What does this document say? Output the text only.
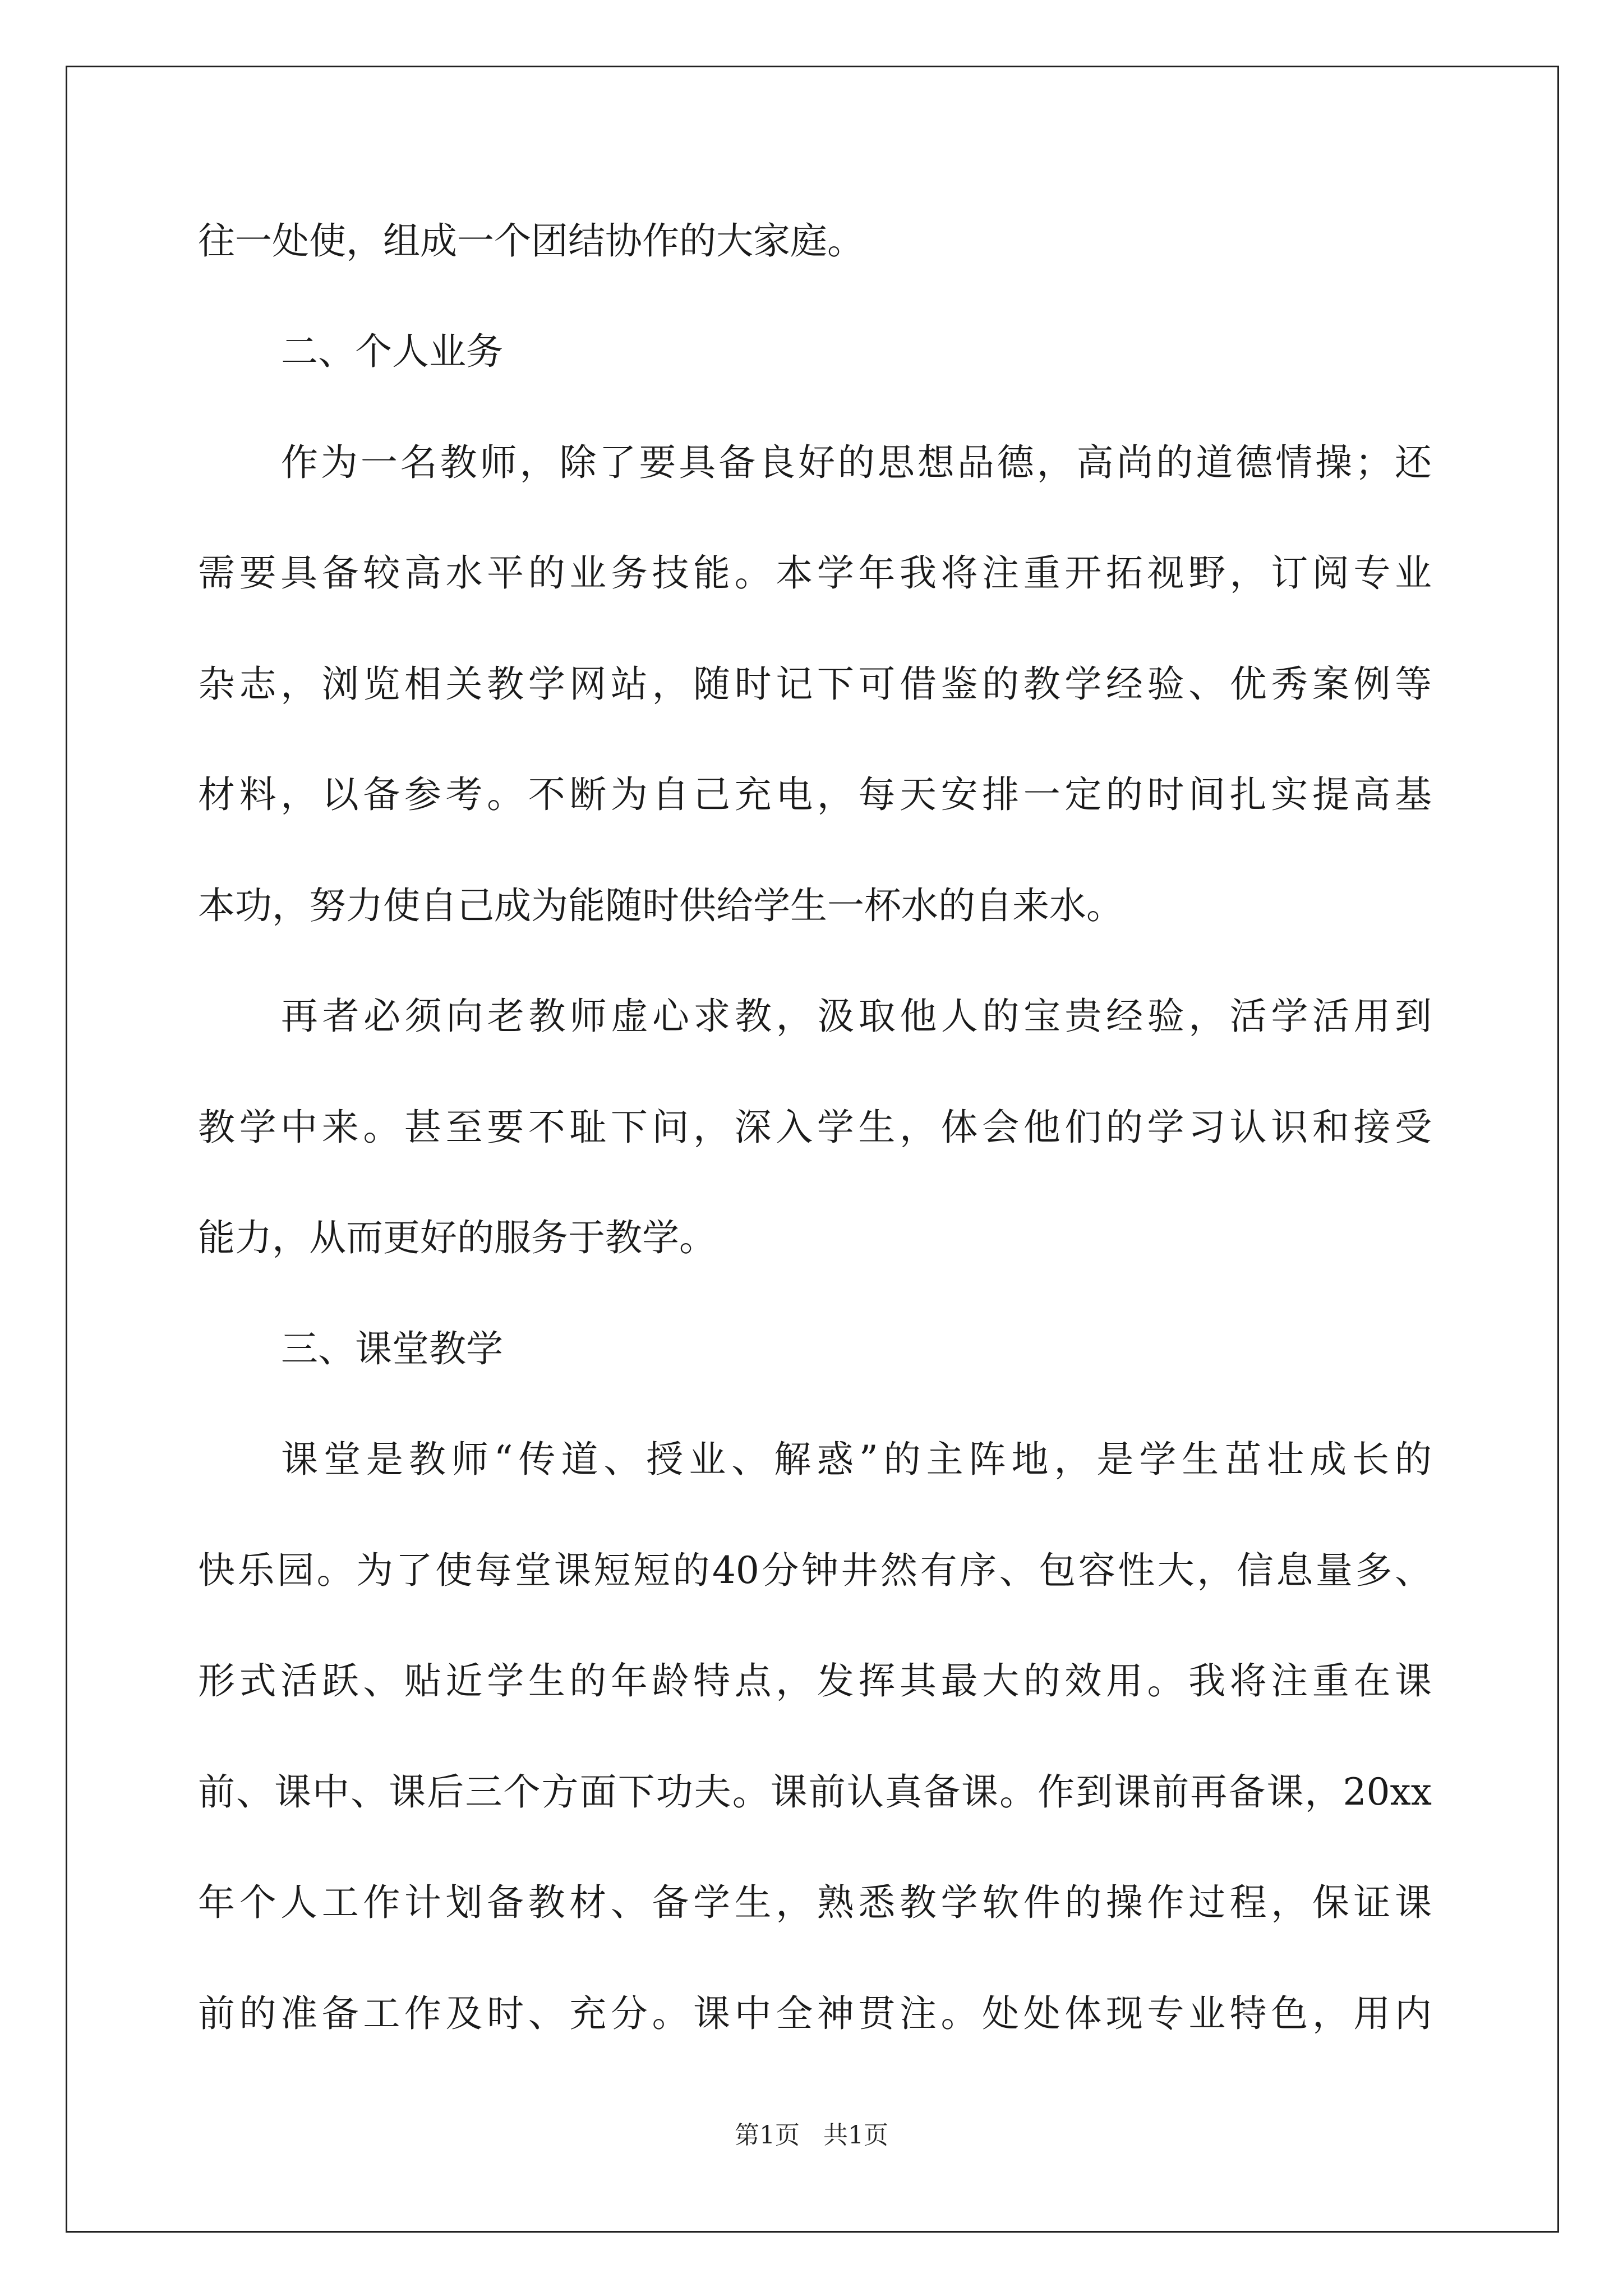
往一处使，组成一个团结协作的大家庭。
二、个人业务
作为一名教师，除了要具备良好的思想品德，高尚的道德情操；还
需要具备较高水平的业务技能。本学年我将注重开拓视野，订阅专业
杂志，浏览相关教学网站，随时记下可借鉴的教学经验、优秀案例等
材料，以备参考。不断为自己充电，每天安排一定的时间扎实提高基
本功，努力使自己成为能随时供给学生一杯水的自来水。
再者必须向老教师虚心求教，汲取他人的宝贵经验，活学活用到
教学中来。甚至要不耻下问，深入学生，体会他们的学习认识和接受
能力，从而更好的服务于教学。
三、课堂教学
课堂是教师“传道、授业、解惑”的主阵地，是学生茁壮成长的
快乐园。为了使每堂课短短的40分钟井然有序、包容性大，信息量多、
形式活跃、贴近学生的年龄特点，发挥其最大的效用。我将注重在课
前、课中、课后三个方面下功夫。课前认真备课。作到课前再备课，20xx
年个人工作计划备教材、备学生，熟悉教学软件的操作过程，保证课
前的准备工作及时、充分。课中全神贯注。处处体现专业特色，用内
第1页   共1页
